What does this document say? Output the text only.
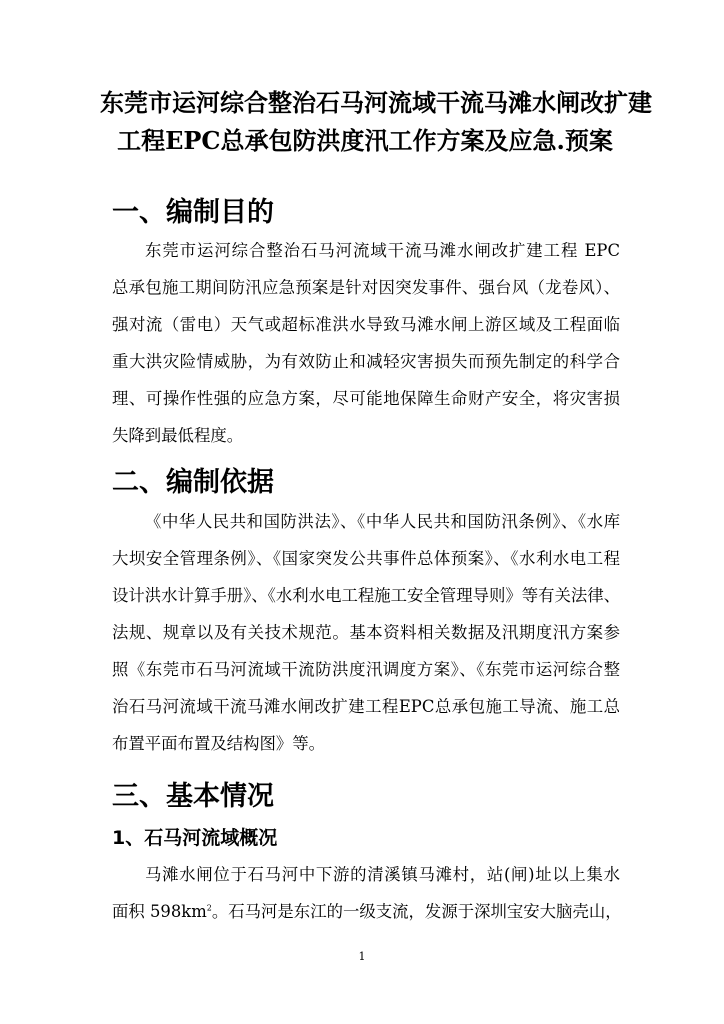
东莞市运河综合整治石马河流域干流马滩水闸改扩建
工程EPC总承包防洪度汛工作方案及应急.预案
一、编制目的
东莞市运河综合整治石马河流域干流马滩水闸改扩建工程 EPC
总承包施工期间防汛应急预案是针对因突发事件、强台风（龙卷风）、
强对流（雷电）天气或超标准洪水导致马滩水闸上游区域及工程面临
重大洪灾险情威胁，为有效防止和减轻灾害损失而预先制定的科学合
理、可操作性强的应急方案，尽可能地保障生命财产安全，将灾害损
失降到最低程度。
二、编制依据
《中华人民共和国防洪法》、《中华人民共和国防汛条例》、《水库
大坝安全管理条例》、《国家突发公共事件总体预案》、《水利水电工程
设计洪水计算手册》、《水利水电工程施工安全管理导则》等有关法律、
法规、规章以及有关技术规范。基本资料相关数据及汛期度汛方案参
照《东莞市石马河流域干流防洪度汛调度方案》、《东莞市运河综合整
治石马河流域干流马滩水闸改扩建工程EPC总承包施工导流、施工总
布置平面布置及结构图》等。
三、基本情况
1、石马河流域概况
马滩水闸位于石马河中下游的清溪镇马滩村，站(闸)址以上集水
面积 $598km^2$。石马河是东江的一级支流，发源于深圳宝安大脑壳山，
1
